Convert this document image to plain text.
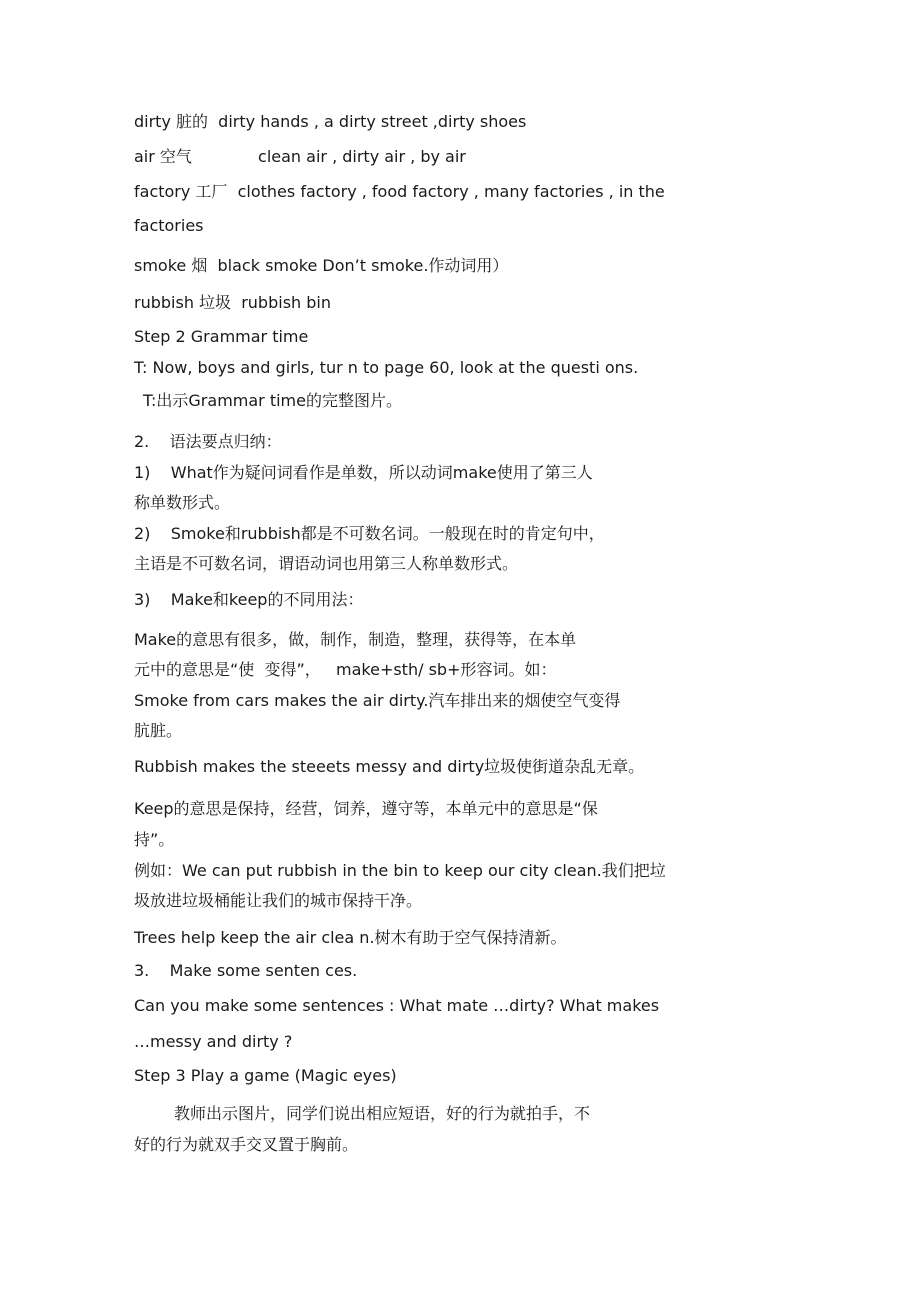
dirty 脏的  dirty hands , a dirty street ,dirty shoes
air 空气             clean air , dirty air , by air
factory 工厂  clothes factory , food factory , many factories , in the
factories
smoke 烟  black smoke Don’t smoke.作动词用）
rubbish 垃圾  rubbish bin
Step 2 Grammar time
T: Now, boys and girls, tur n to page 60, look at the questi ons.
T:出示Grammar time的完整图片。
2.    语法要点归纳：
1)    What作为疑问词看作是单数，所以动词make使用了第三人
称单数形式。
2)    Smoke和rubbish都是不可数名词。一般现在时的肯定句中，
主语是不可数名词，谓语动词也用第三人称单数形式。
3)    Make和keep的不同用法：
Make的意思有很多，做，制作，制造，整理，获得等，在本单
元中的意思是“使  变得”，   make+sth/ sb+形容词。如：
Smoke from cars makes the air dirty.汽车排出来的烟使空气变得
肮脏。
Rubbish makes the steeets messy and dirty垃圾使街道杂乱无章。
Keep的意思是保持，经营，饲养，遵守等，本单元中的意思是“保
持”。
例如：We can put rubbish in the bin to keep our city clean.我们把垃
圾放进垃圾桶能让我们的城市保持干净。
Trees help keep the air clea n.树木有助于空气保持清新。
3.    Make some senten ces.
Can you make some sentences : What mate …dirty? What makes
…messy and dirty ?
Step 3 Play a game (Magic eyes)
教师出示图片，同学们说出相应短语，好的行为就拍手，不
好的行为就双手交叉置于胸前。
